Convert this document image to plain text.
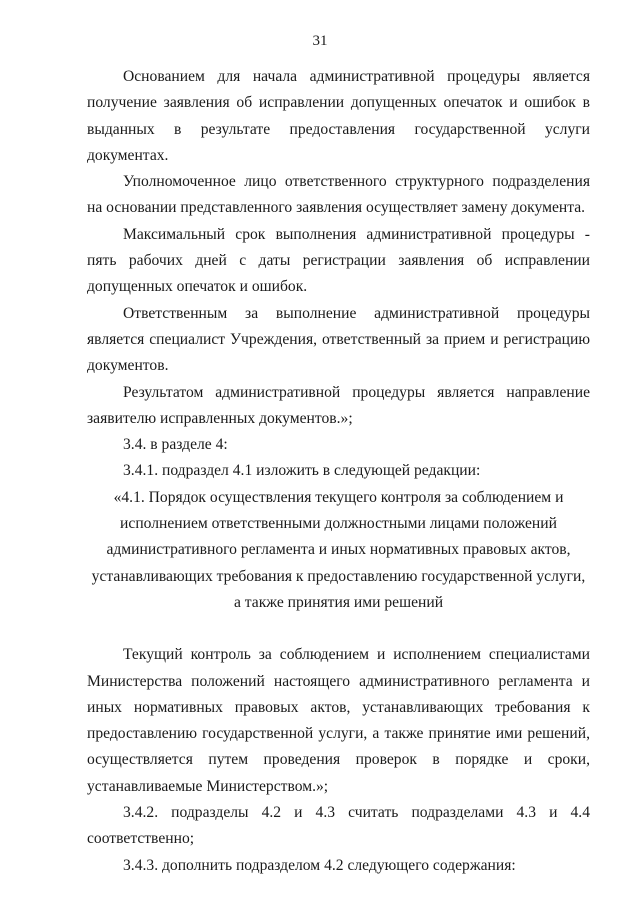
31

Основанием для начала административной процедуры является получение заявления об исправлении допущенных опечаток и ошибок в выданных в результате предоставления государственной услуги документах.

Уполномоченное лицо ответственного структурного подразделения на основании представленного заявления осуществляет замену документа.

Максимальный срок выполнения административной процедуры - пять рабочих дней с даты регистрации заявления об исправлении допущенных опечаток и ошибок.

Ответственным за выполнение административной процедуры является специалист Учреждения, ответственный за прием и регистрацию документов.

Результатом административной процедуры является направление заявителю исправленных документов.»;

3.4. в разделе 4:

3.4.1. подраздел 4.1 изложить в следующей редакции:

«4.1. Порядок осуществления текущего контроля за соблюдением и исполнением ответственными должностными лицами положений административного регламента и иных нормативных правовых актов, устанавливающих требования к предоставлению государственной услуги, а также принятия ими решений

Текущий контроль за соблюдением и исполнением специалистами Министерства положений настоящего административного регламента и иных нормативных правовых актов, устанавливающих требования к предоставлению государственной услуги, а также принятие ими решений, осуществляется путем проведения проверок в порядке и сроки, устанавливаемые Министерством.»;

3.4.2. подразделы 4.2 и 4.3 считать подразделами 4.3 и 4.4 соответственно;

3.4.3. дополнить подразделом 4.2 следующего содержания:
